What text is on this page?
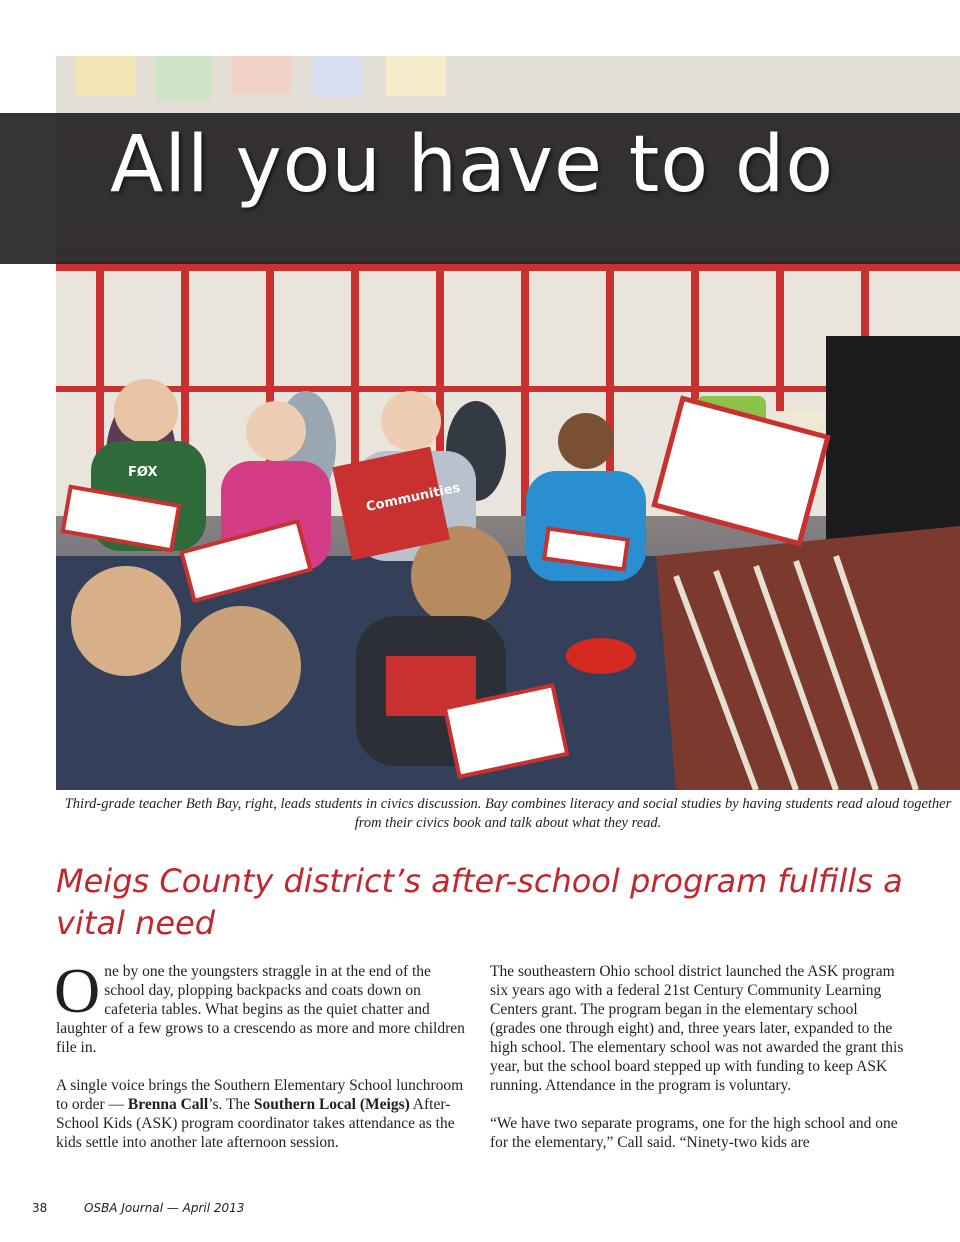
Communities
FØX
All you have to do

Third-grade teacher Beth Bay, right, leads students in civics discussion. Bay combines literacy and social studies by having students read aloud together from their civics book and talk about what they read.

Meigs County district’s after-school program fulfills a vital need

One by one the youngsters straggle in at the end of the school day, plopping backpacks and coats down on cafeteria tables. What begins as the quiet chatter and laughter of a few grows to a crescendo as more and more children file in.

A single voice brings the Southern Elementary School lunchroom to order — Brenna Call’s. The Southern Local (Meigs) After-School Kids (ASK) program coordinator takes attendance as the kids settle into another late afternoon session.

The southeastern Ohio school district launched the ASK program six years ago with a federal 21st Century Community Learning Centers grant. The program began in the elementary school (grades one through eight) and, three years later, expanded to the high school. The elementary school was not awarded the grant this year, but the school board stepped up with funding to keep ASK running. Attendance in the program is voluntary.

“We have two separate programs, one for the high school and one for the elementary,” Call said. “Ninety-two kids are

38	OSBA Journal — April 2013
